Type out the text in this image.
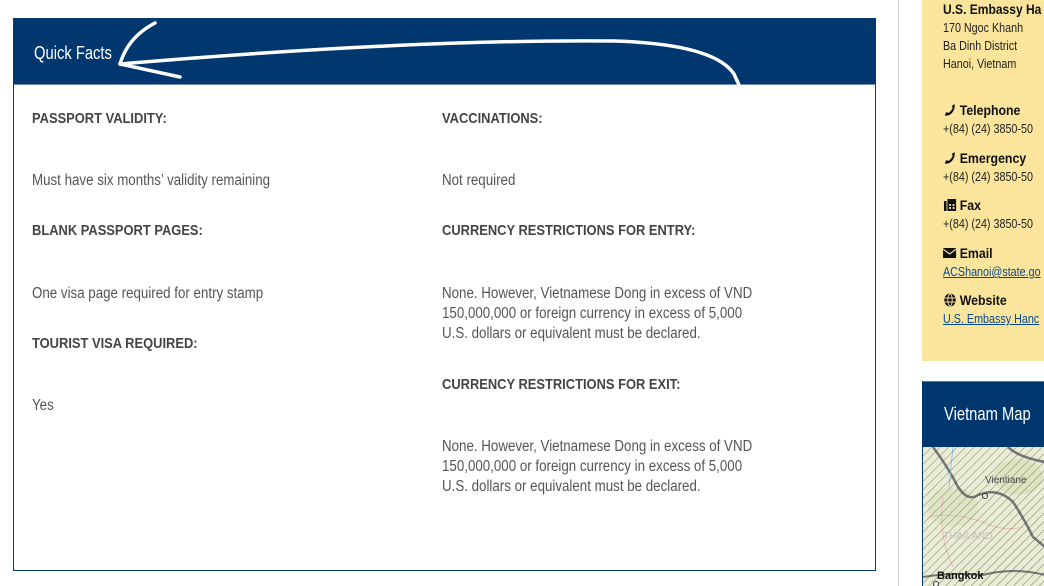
Quick Facts
PASSPORT VALIDITY:
Must have six months’ validity remaining
BLANK PASSPORT PAGES:
One visa page required for entry stamp
TOURIST VISA REQUIRED:
Yes
VACCINATIONS:
Not required
CURRENCY RESTRICTIONS FOR ENTRY:
None. However, Vietnamese Dong in excess of VND
150,000,000 or foreign currency in excess of 5,000
U.S. dollars or equivalent must be declared.
CURRENCY RESTRICTIONS FOR EXIT:
None. However, Vietnamese Dong in excess of VND
150,000,000 or foreign currency in excess of 5,000
U.S. dollars or equivalent must be declared.
U.S. Embassy Ha
170 Ngoc Khanh
Ba Dinh District
Hanoi, Vietnam
Telephone
+(84) (24) 3850-50
Emergency
+(84) (24) 3850-50
Fax
+(84) (24) 3850-50
Email
ACShanoi@state.go
Website
U.S. Embassy Hanc
Vietnam Map
Vientiane
THAILAND
Bangkok
